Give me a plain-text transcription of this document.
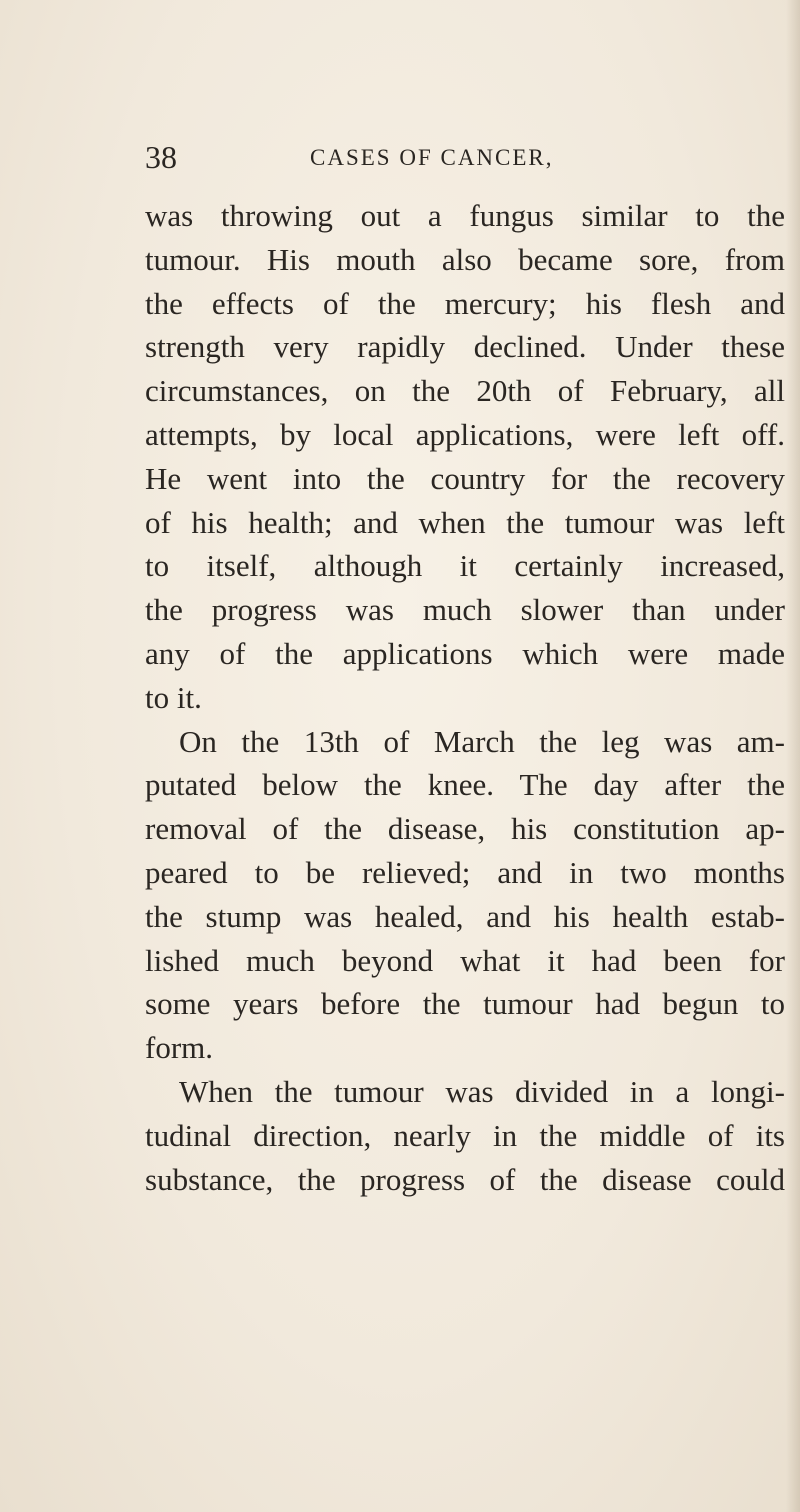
38	CASES OF CANCER,
was throwing out a fungus similar to the
tumour. His mouth also became sore, from
the effects of the mercury; his flesh and
strength very rapidly declined. Under these
circumstances, on the 20th of February, all
attempts, by local applications, were left off.
He went into the country for the recovery
of his health; and when the tumour was left
to itself, although it certainly increased,
the progress was much slower than under
any of the applications which were made
to it.
On the 13th of March the leg was am-
putated below the knee. The day after the
removal of the disease, his constitution ap-
peared to be relieved; and in two months
the stump was healed, and his health estab-
lished much beyond what it had been for
some years before the tumour had begun to
form.
When the tumour was divided in a longi-
tudinal direction, nearly in the middle of its
substance, the progress of the disease could
